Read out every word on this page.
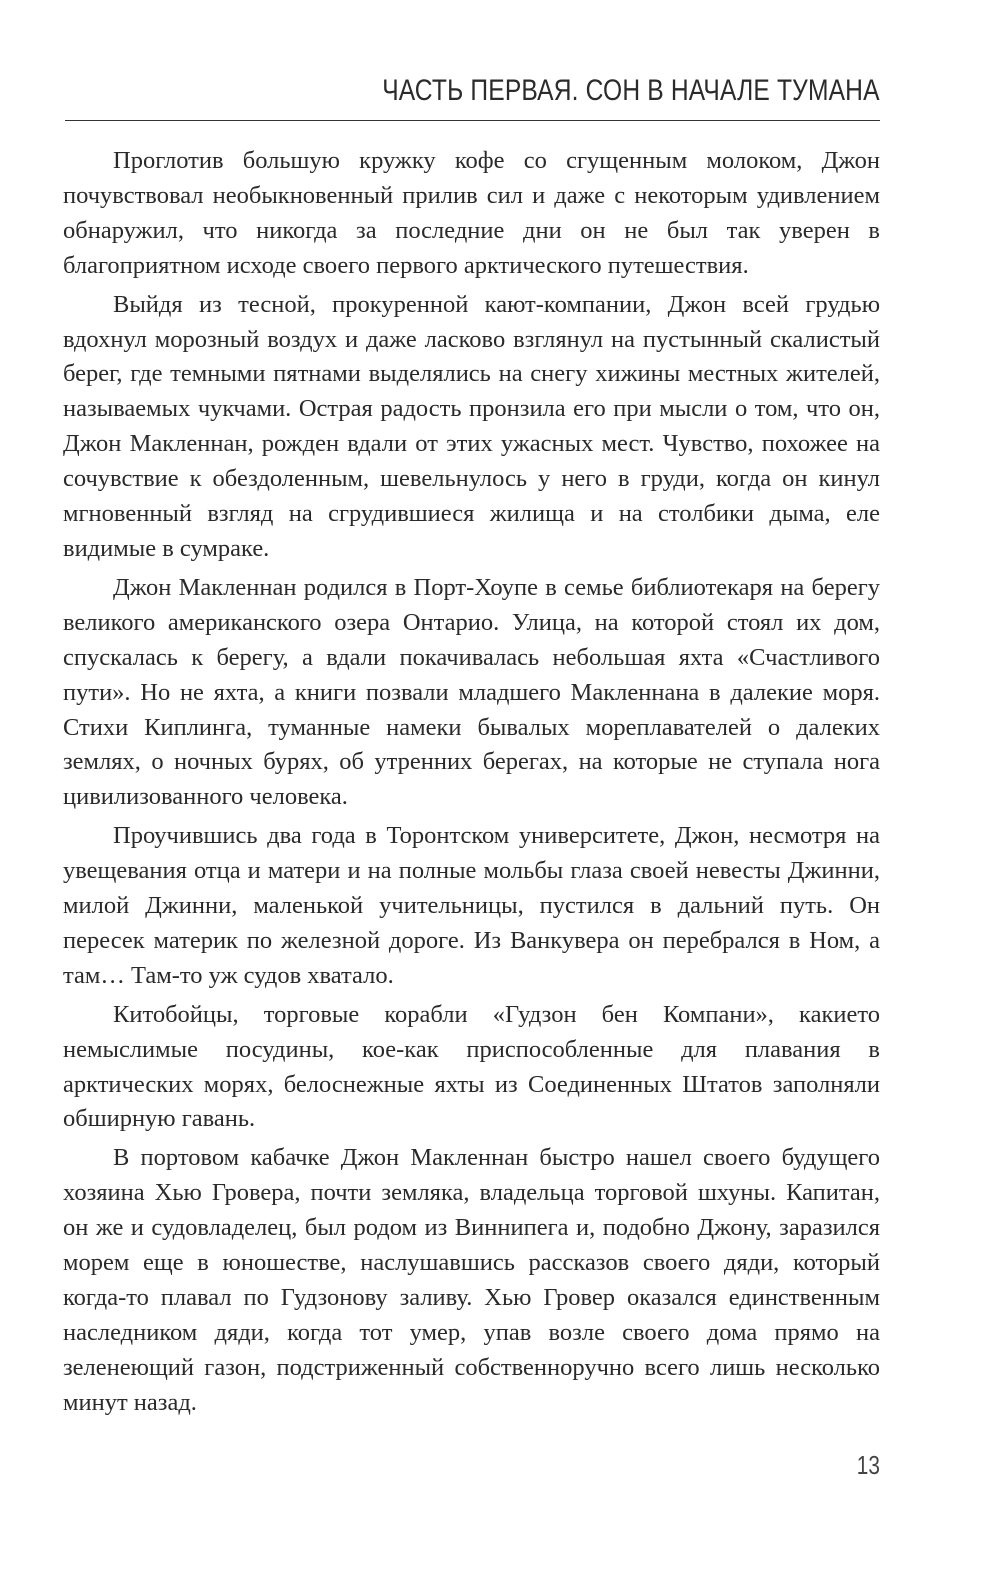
ЧАСТЬ ПЕРВАЯ. СОН В НАЧАЛЕ ТУМАНА

Проглотив большую кружку кофе со сгущенным молоком, Джон почувствовал необыкновенный прилив сил и даже с некоторым удивлением обнаружил, что никогда за последние дни он не был так уверен в благоприятном исходе своего первого арктического путешествия.

Выйдя из тесной, прокуренной кают-компании, Джон всей грудью вдохнул морозный воздух и даже ласково взглянул на пустынный скалистый берег, где темными пятнами выделялись на снегу хижины местных жителей, называемых чукчами. Острая радость пронзила его при мысли о том, что он, Джон Макленнан, рожден вдали от этих ужасных мест. Чувство, похожее на сочувствие к обездоленным, шевельнулось у него в груди, когда он кинул мгновенный взгляд на сгрудившиеся жилища и на столбики дыма, еле видимые в сумраке.

Джон Макленнан родился в Порт-Хоупе в семье библиотекаря на берегу великого американского озера Онтарио. Улица, на которой стоял их дом, спускалась к берегу, а вдали покачивалась небольшая яхта «Счастливого пути». Но не яхта, а книги позвали младшего Макленнана в далекие моря. Стихи Киплинга, туманные намеки бывалых мореплавателей о далеких землях, о ночных бурях, об утренних берегах, на которые не ступала нога цивилизованного человека.

Проучившись два года в Торонтском университете, Джон, несмотря на увещевания отца и матери и на полные мольбы глаза своей невесты Джинни, милой Джинни, маленькой учительницы, пустился в дальний путь. Он пересек материк по железной дороге. Из Ванкувера он перебрался в Ном, а там… Там-то уж судов хватало.

Китобойцы, торговые корабли «Гудзон бен Компани», какието немыслимые посудины, кое-как приспособленные для плавания в арктических морях, белоснежные яхты из Соединенных Штатов заполняли обширную гавань.

В портовом кабачке Джон Макленнан быстро нашел своего будущего хозяина Хью Гровера, почти земляка, владельца торговой шхуны. Капитан, он же и судовладелец, был родом из Виннипега и, подобно Джону, заразился морем еще в юношестве, наслушавшись рассказов своего дяди, который когда-то плавал по Гудзонову заливу. Хью Гровер оказался единственным наследником дяди, когда тот умер, упав возле своего дома прямо на зеленеющий газон, подстриженный собственноручно всего лишь несколько минут назад.

13
